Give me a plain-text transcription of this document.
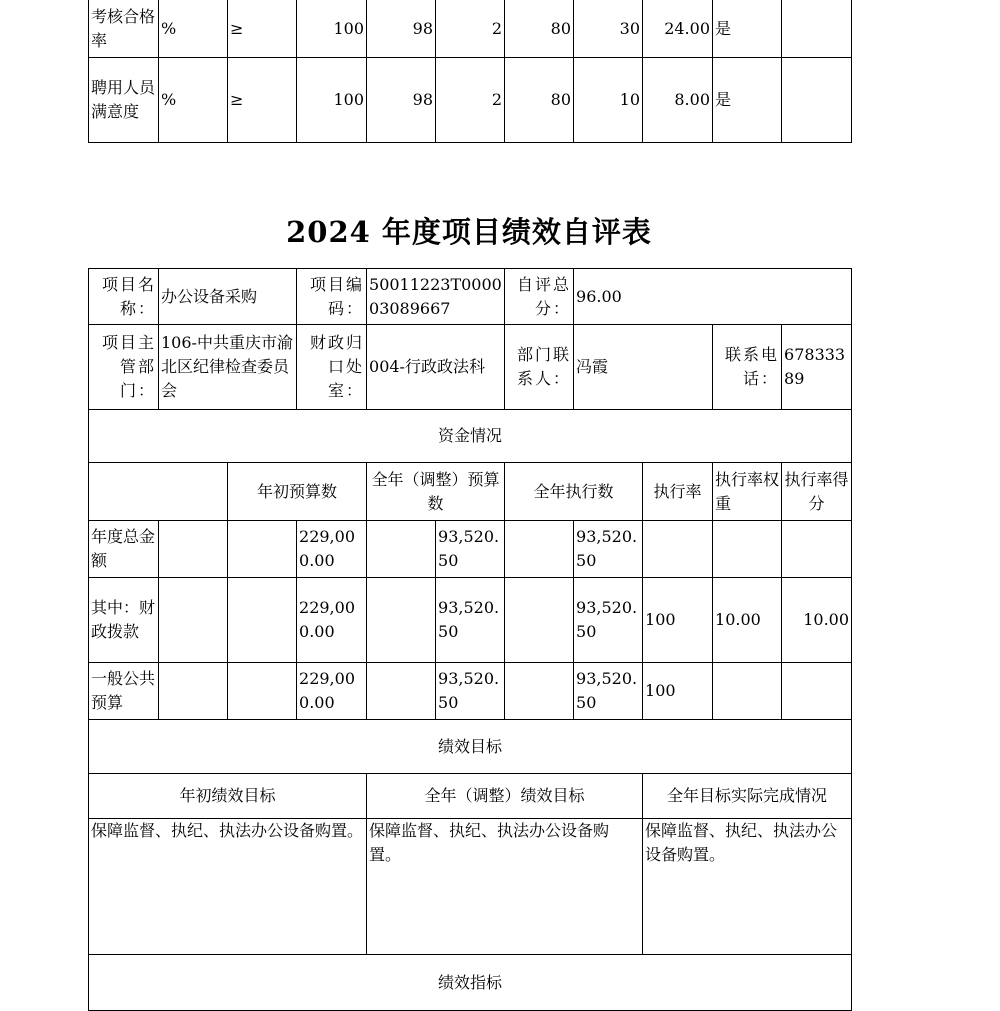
考核合格率	%	≥	100	98	2	80	30	24.00	是	
聘用人员满意度	%	≥	100	98	2	80	10	8.00	是	
2024 年度项目绩效自评表
项目名称：	办公设备采购		项目编码：	50011223T000003089667		自评总分：	96.00			
项目主管部门：	106-中共重庆市渝北区纪律检查委员会		财政归口处室：	004-行政政法科		部门联系人：	冯霞		联系电话：	67833389
资金情况										
		年初预算数		全年（调整）预算数		全年执行数		执行率	执行率权重	执行率得分
年度总金额			229,000.00		93,520.50		93,520.50			
其中：财政拨款			229,000.00		93,520.50		93,520.50	100	10.00	10.00
一般公共预算			229,000.00		93,520.50		93,520.50	100		
绩效目标										
年初绩效目标				全年（调整）绩效目标				全年目标实际完成情况		
保障监督、执纪、执法办公设备购置。				保障监督、执纪、执法办公设备购置。				保障监督、执纪、执法办公设备购置。		
绩效指标										
